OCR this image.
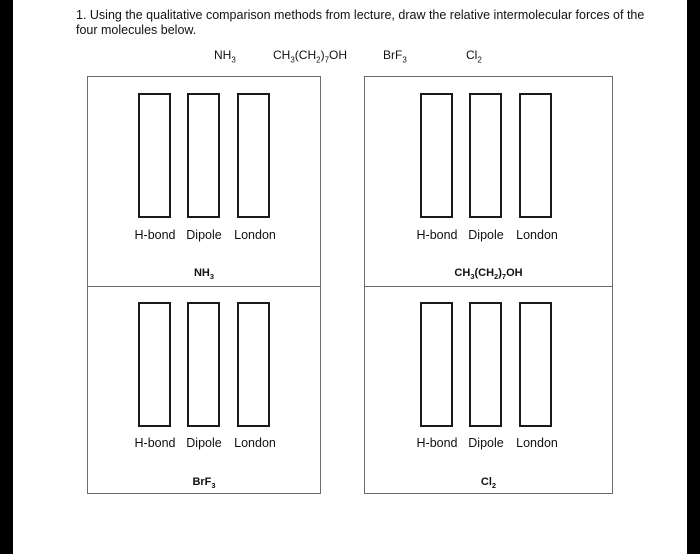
1. Using the qualitative comparison methods from lecture, draw the relative intermolecular forces of the four molecules below.

$NH_3$	$CH_3(CH_2)_7OH$	BrF$_3$	$Cl_2$
H-bond Dipole London
$NH_3$
H-bond Dipole London
$CH_3(CH_2)_7OH$
H-bond Dipole London
BrF$_3$
H-bond Dipole London
$Cl_2$
